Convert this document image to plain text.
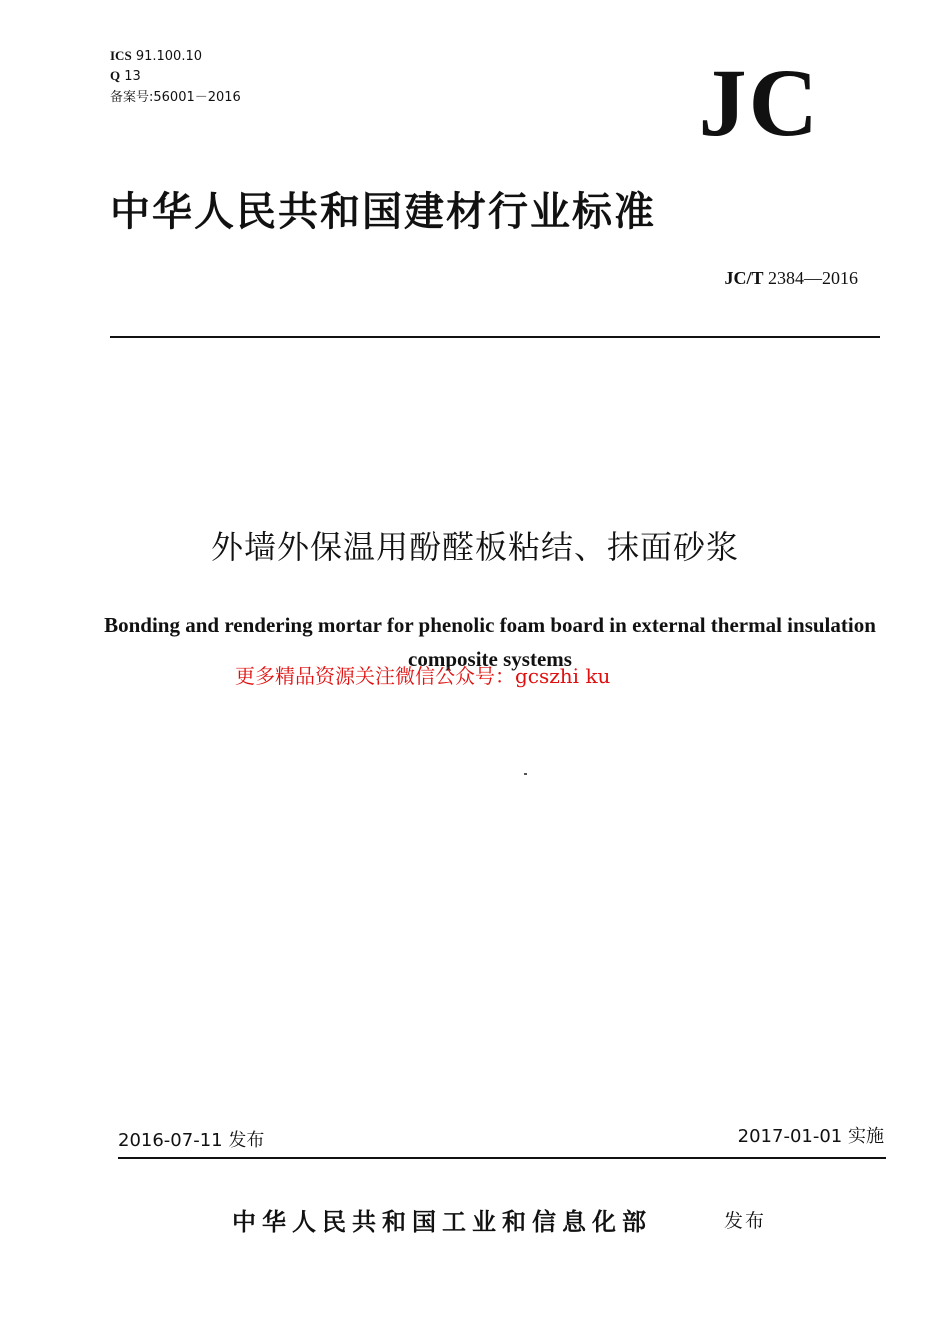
ICS 91.100.10
Q 13
备案号:56001－2016	JC
中华人民共和国建材行业标准
JC/T 2384—2016
外墙外保温用酚醛板粘结、抹面砂浆
Bonding and rendering mortar for phenolic foam board in external thermal insulation composite systems
更多精品资源关注微信公众号：gcszhi ku
2016-07-11 发布	2017-01-01 实施
中华人民共和国工业和信息化部	发布
